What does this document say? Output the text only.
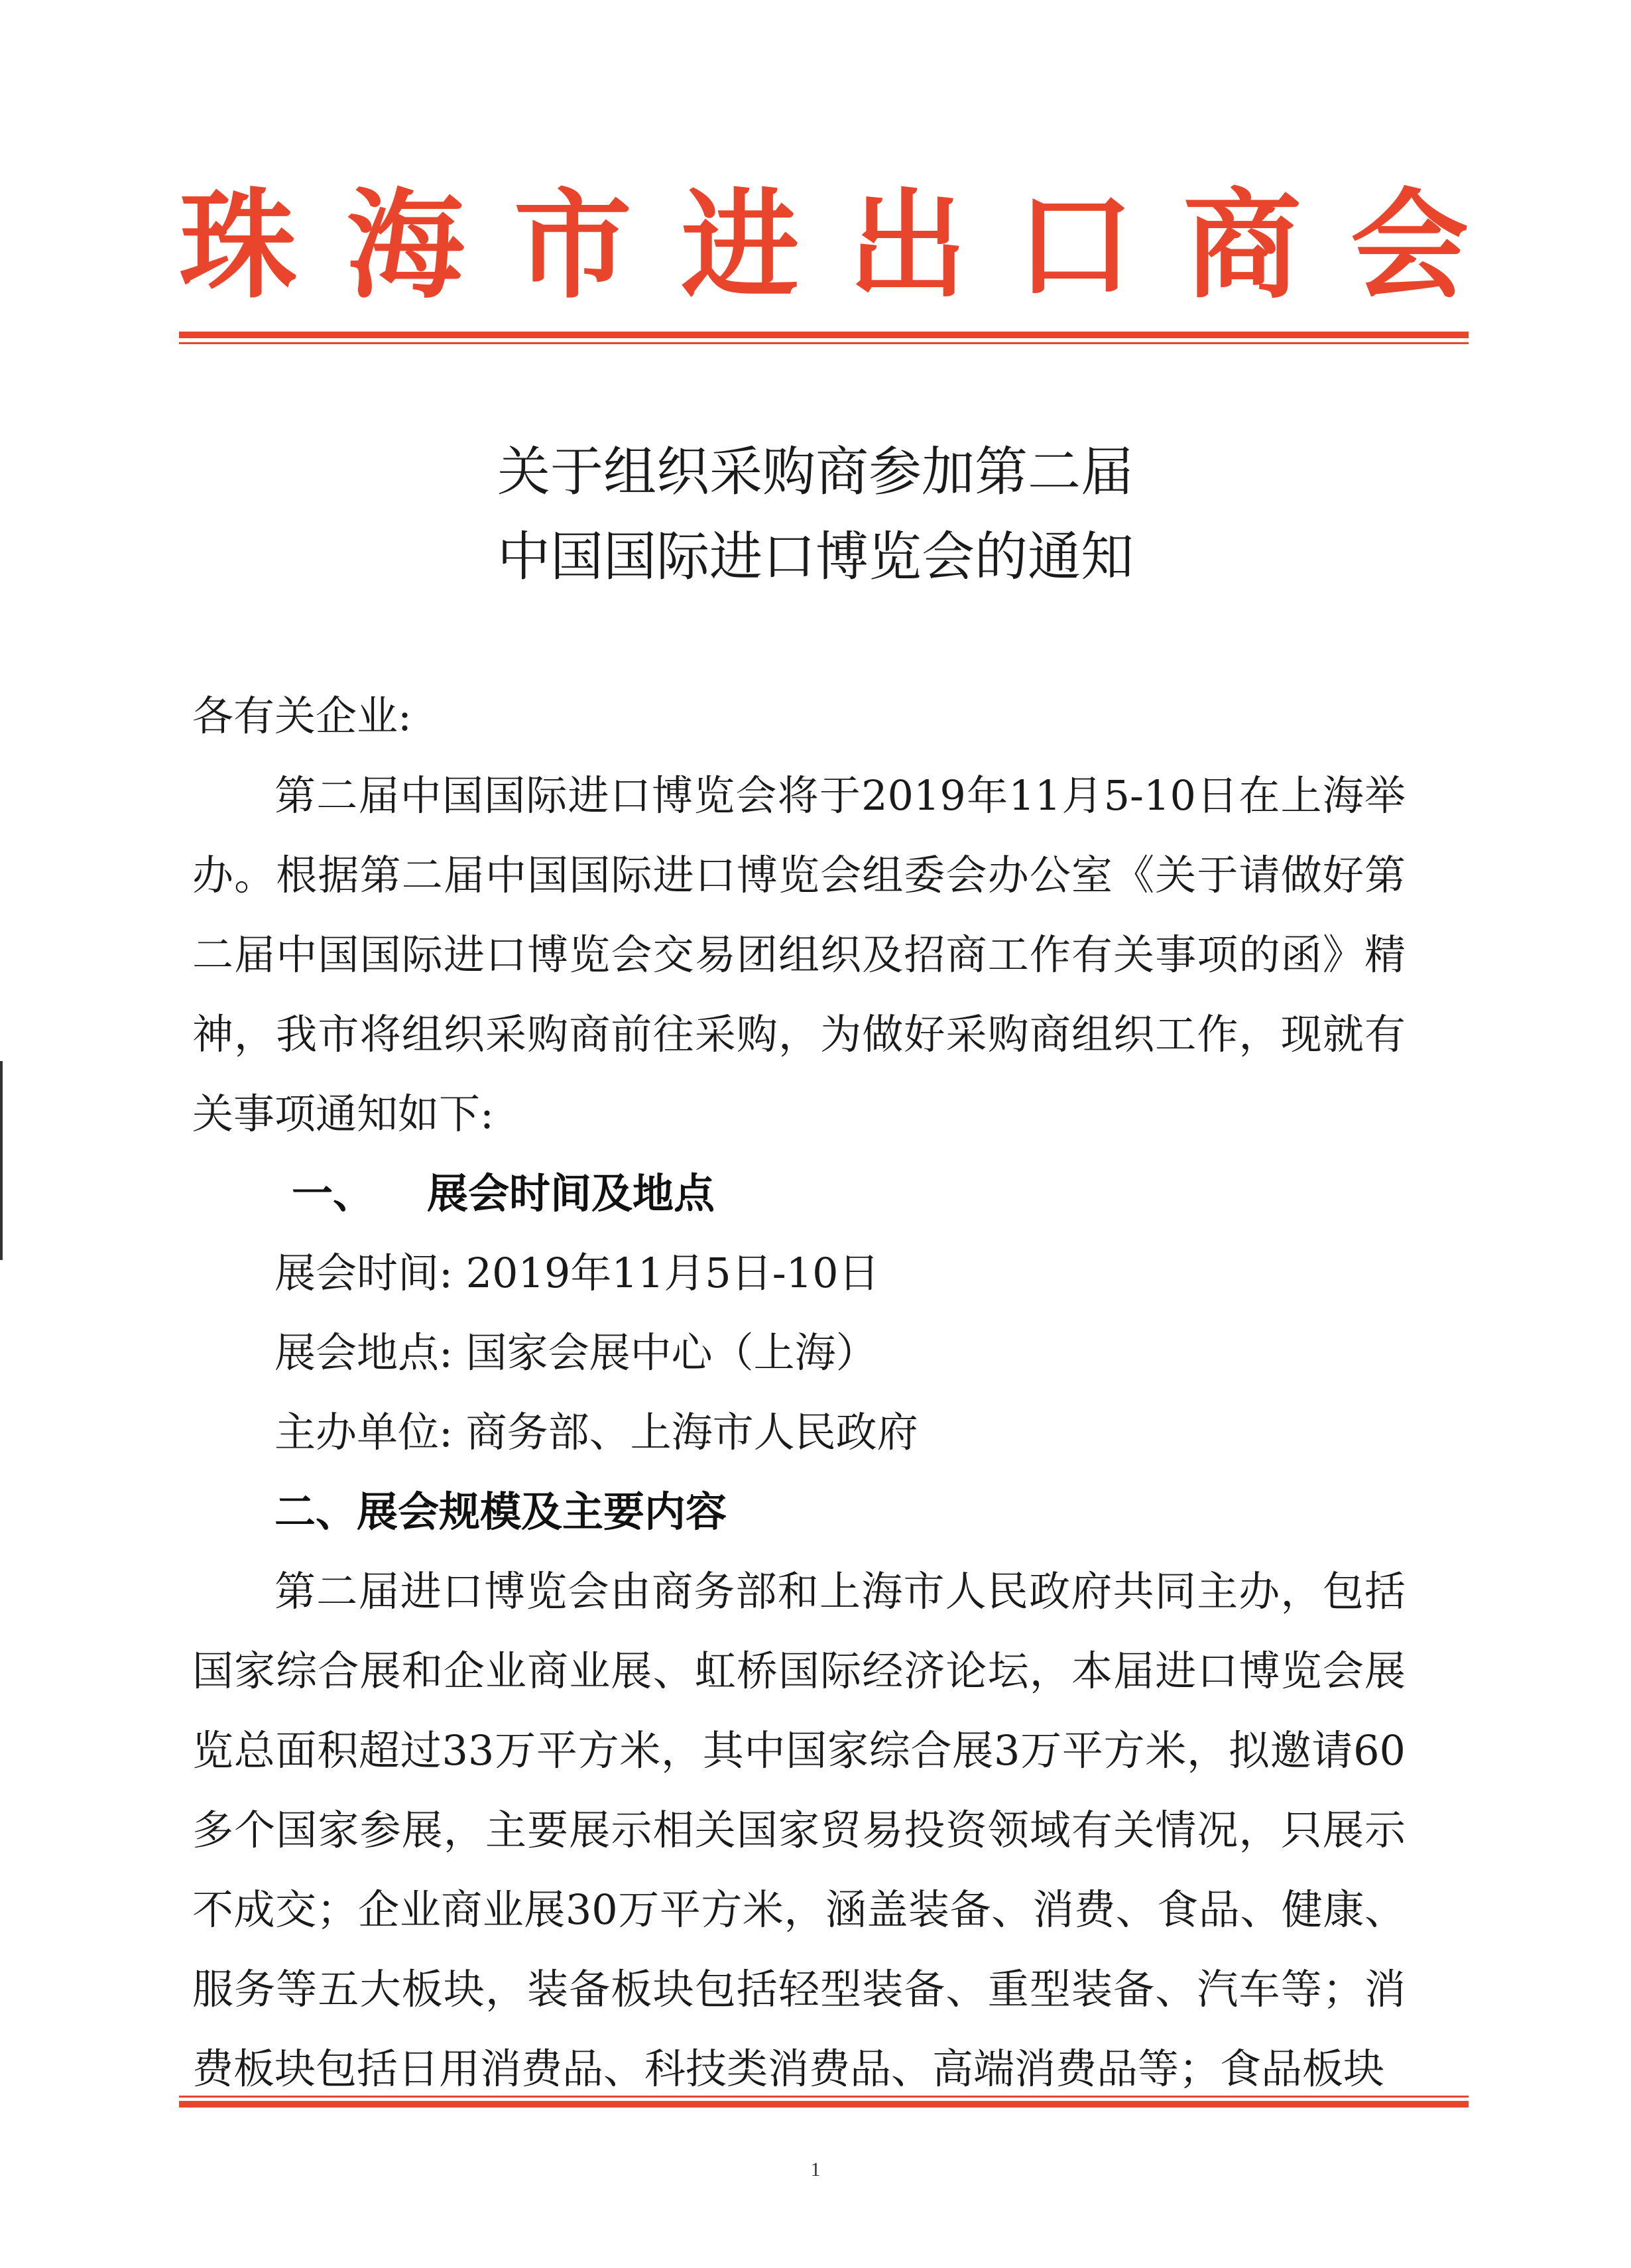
珠 海 市 进 出 口 商 会
关于组织采购商参加第二届
中国国际进口博览会的通知
各有关企业:
第二届中国国际进口博览会将于2019年11月5-10日在上海举办。根据第二届中国国际进口博览会组委会办公室《关于请做好第二届中国国际进口博览会交易团组织及招商工作有关事项的函》精神，我市将组织采购商前往采购，为做好采购商组织工作，现就有关事项通知如下:
一、 展会时间及地点
展会时间: 2019年11月5日-10日
展会地点: 国家会展中心（上海）
主办单位: 商务部、上海市人民政府
二、展会规模及主要内容
第二届进口博览会由商务部和上海市人民政府共同主办，包括国家综合展和企业商业展、虹桥国际经济论坛，本届进口博览会展览总面积超过33万平方米，其中国家综合展3万平方米，拟邀请60多个国家参展，主要展示相关国家贸易投资领域有关情况，只展示不成交；企业商业展30万平方米，涵盖装备、消费、食品、健康、服务等五大板块，装备板块包括轻型装备、重型装备、汽车等；消费板块包括日用消费品、科技类消费品、高端消费品等；食品板块
1
